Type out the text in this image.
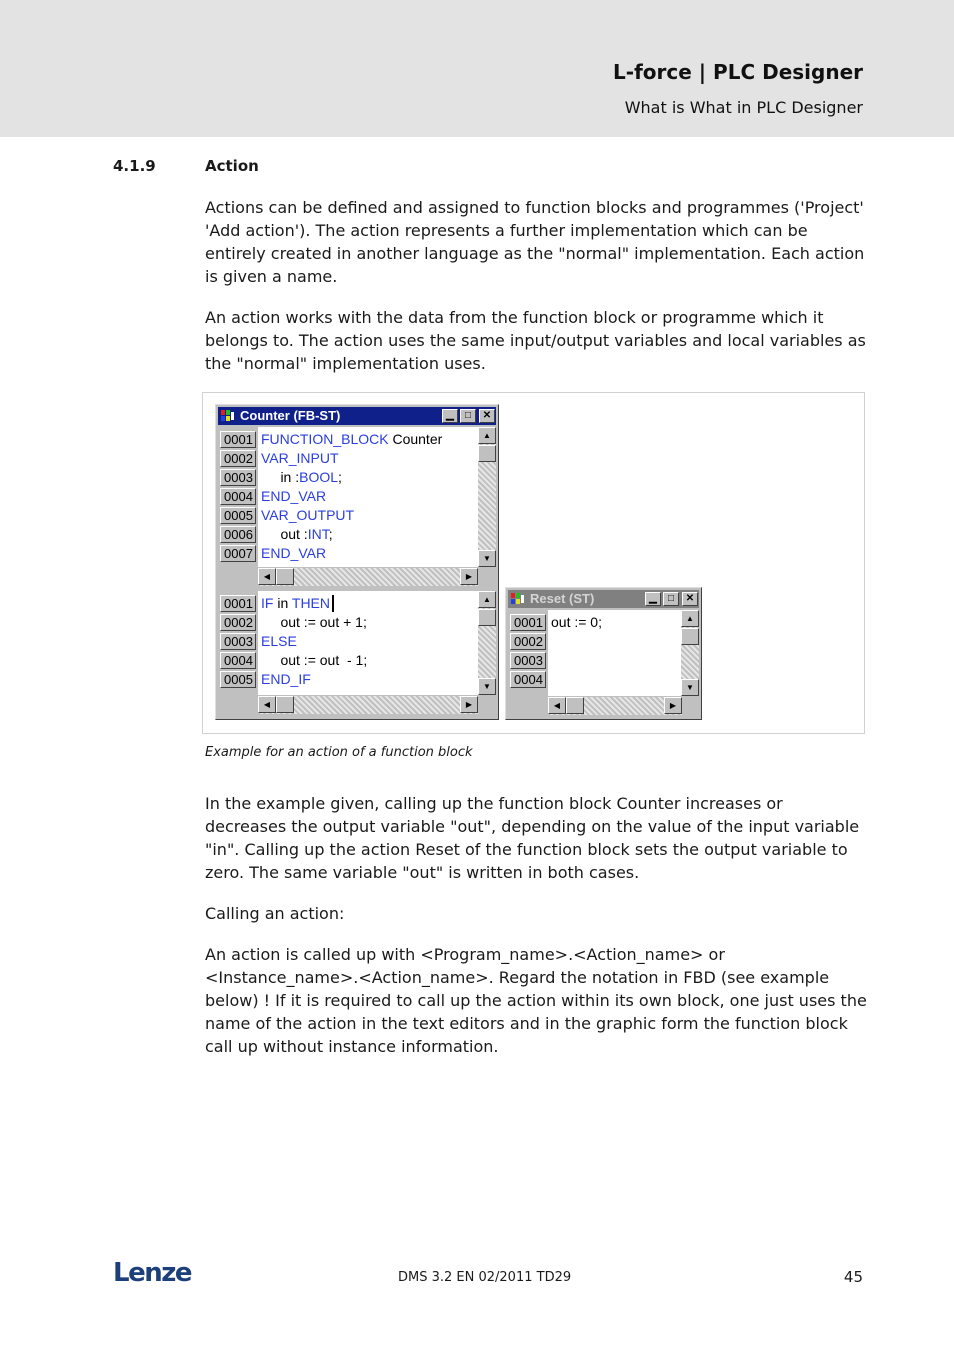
L-force | PLC Designer
What is What in PLC Designer
4.1.9	Action

Actions can be defined and assigned to function blocks and programmes ('Project' 'Add action'). The action represents a further implementation which can be entirely created in another language as the "normal" implementation. Each action is given a name.

An action works with the data from the function block or programme which it belongs to. The action uses the same input/output variables and local variables as the "normal" implementation uses.

Counter (FB-ST)	▁	□	✕
0001
0002
0003
0004
0005
0006
0007
FUNCTION_BLOCK Counter
VAR_INPUT
in :BOOL;
END_VAR
VAR_OUTPUT
out :INT;
END_VAR
▲
▼
◀	▶
0001
0002
0003
0004
0005
IF in THEN
out := out + 1;
ELSE
out := out  - 1;
END_IF
▲
▼
◀	▶
Reset (ST)	▁	□	✕
0001
0002
0003
0004
out := 0;	▲
▼
◀	▶
Example for an action of a function block

In the example given, calling up the function block Counter increases or decreases the output variable "out", depending on the value of the input variable "in". Calling up the action Reset of the function block sets the output variable to zero. The same variable "out" is written in both cases.

Calling an action:

An action is called up with <Program_name>.<Action_name> or <Instance_name>.<Action_name>. Regard the notation in FBD (see example below) ! If it is required to call up the action within its own block, one just uses the name of the action in the text editors and in the graphic form the function block call up without instance information.

Lenze	DMS 3.2 EN 02/2011 TD29	45
